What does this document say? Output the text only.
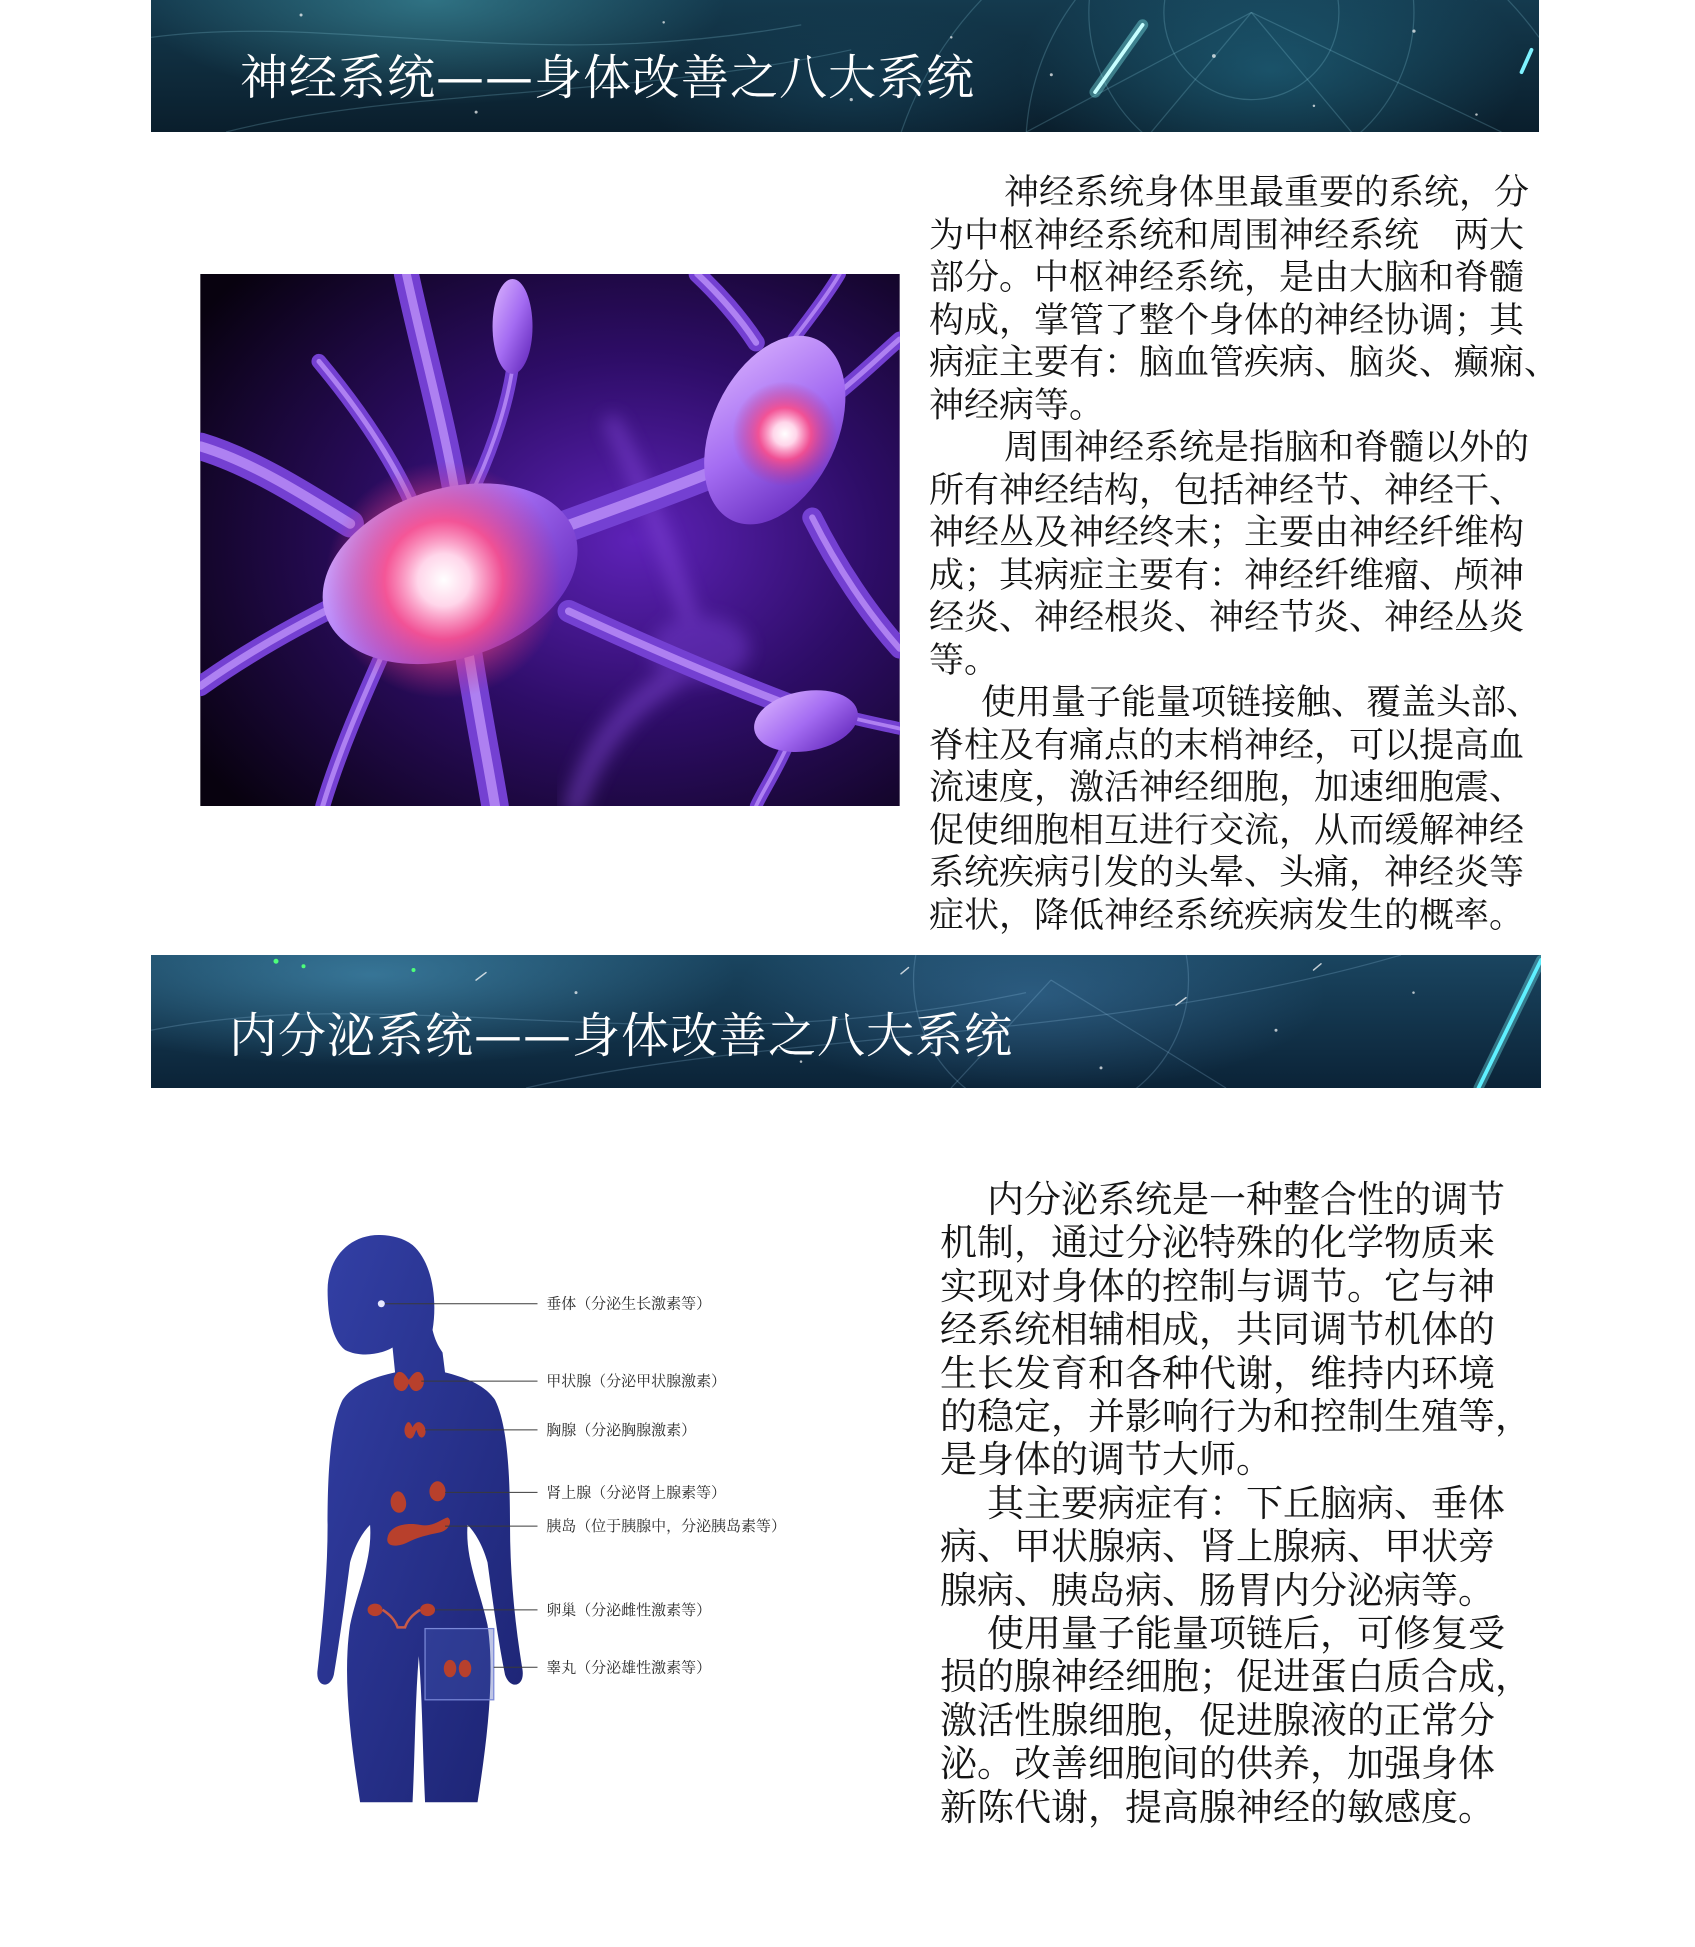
神经系统——身体改善之八大系统
神经系统身体里最重要的系统，分
为中枢神经系统和周围神经系统　两大
部分。中枢神经系统，是由大脑和脊髓
构成，掌管了整个身体的神经协调；其
病症主要有：脑血管疾病、脑炎、癫痫、
神经病等。
周围神经系统是指脑和脊髓以外的
所有神经结构，包括神经节、神经干、
神经丛及神经终末；主要由神经纤维构
成；其病症主要有：神经纤维瘤、颅神
经炎、神经根炎、神经节炎、神经丛炎
等。
使用量子能量项链接触、覆盖头部、
脊柱及有痛点的末梢神经，可以提高血
流速度，激活神经细胞，加速细胞震、
促使细胞相互进行交流，从而缓解神经
系统疾病引发的头晕、头痛，神经炎等
症状，降低神经系统疾病发生的概率。
内分泌系统——身体改善之八大系统
垂体（分泌生长激素等）
甲状腺（分泌甲状腺激素）
胸腺（分泌胸腺激素）
肾上腺（分泌肾上腺素等）
胰岛（位于胰腺中，分泌胰岛素等）
卵巢（分泌雌性激素等）
睾丸（分泌雄性激素等）
内分泌系统是一种整合性的调节
机制，通过分泌特殊的化学物质来
实现对身体的控制与调节。它与神
经系统相辅相成，共同调节机体的
生长发育和各种代谢，维持内环境
的稳定，并影响行为和控制生殖等，
是身体的调节大师。
其主要病症有：下丘脑病、垂体
病、甲状腺病、肾上腺病、甲状旁
腺病、胰岛病、肠胃内分泌病等。
使用量子能量项链后，可修复受
损的腺神经细胞；促进蛋白质合成，
激活性腺细胞，促进腺液的正常分
泌。改善细胞间的供养，加强身体
新陈代谢，提高腺神经的敏感度。
